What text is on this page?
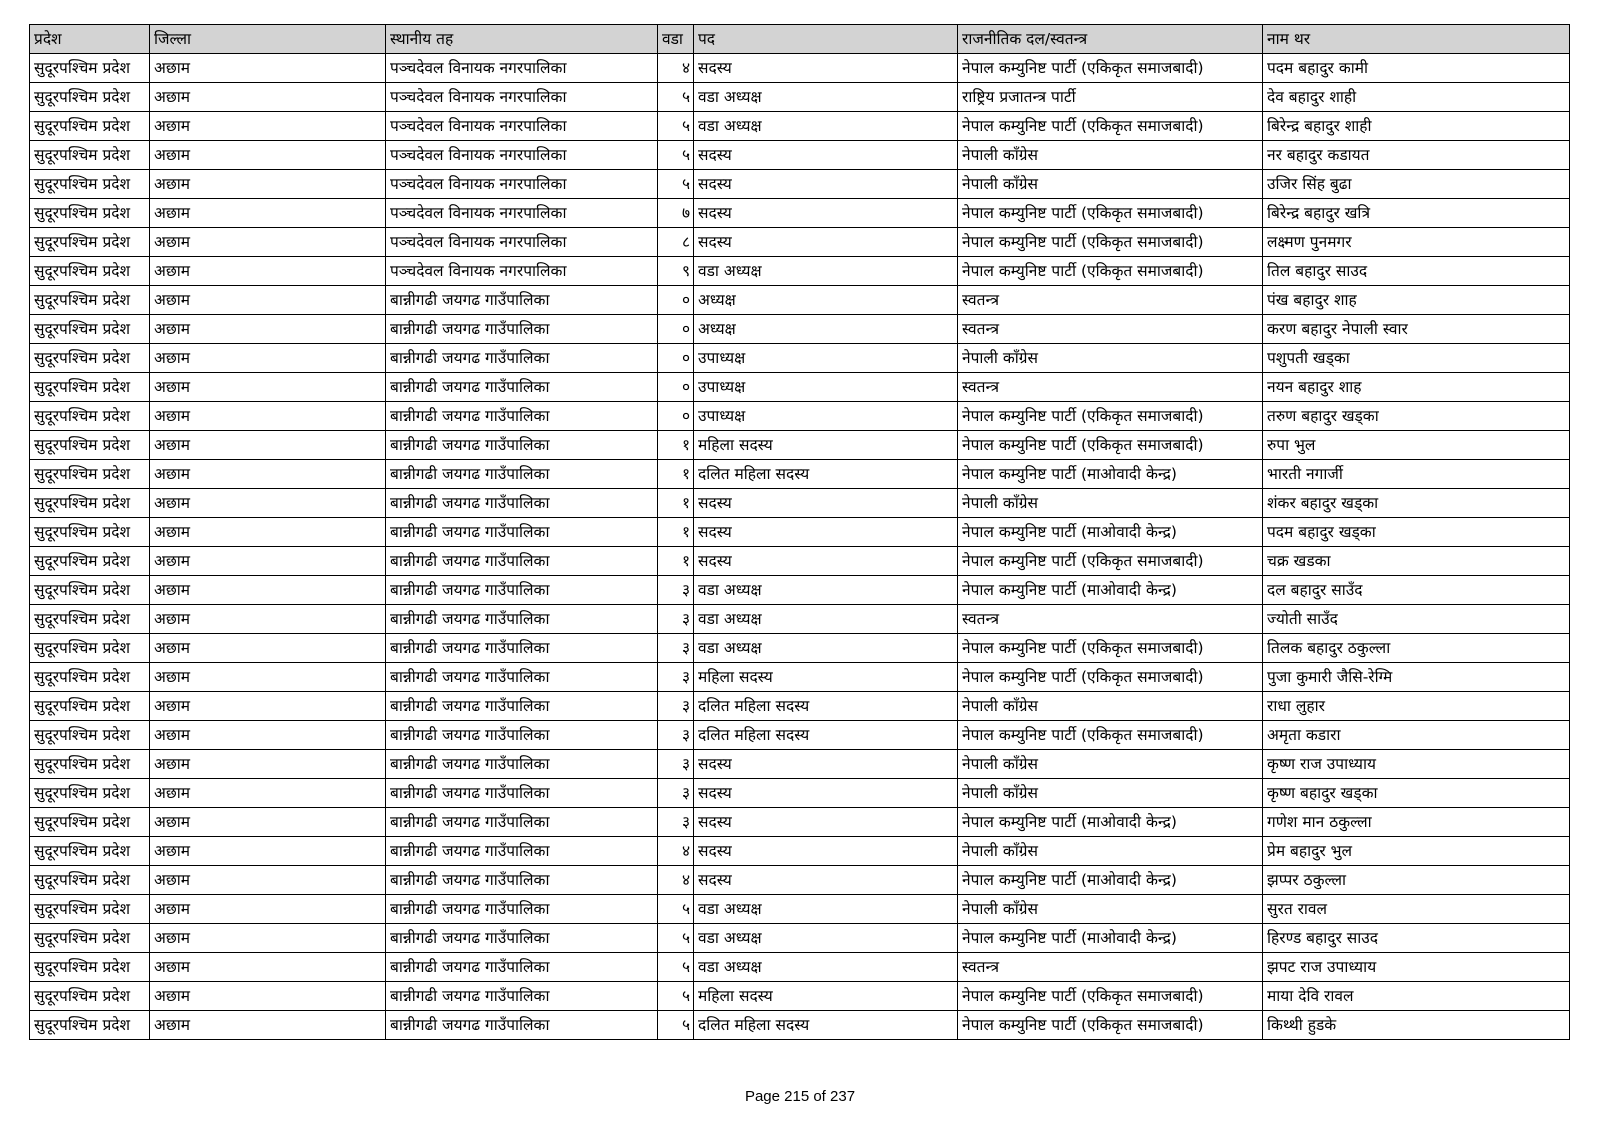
प्रदेश	जिल्ला	स्थानीय तह	वडा	पद	राजनीतिक दल/स्वतन्त्र	नाम थर
सुदूरपश्चिम प्रदेश	अछाम	पञ्चदेवल विनायक नगरपालिका	४	सदस्य	नेपाल कम्युनिष्ट पार्टी (एकिकृत समाजबादी)	पदम बहादुर कामी
सुदूरपश्चिम प्रदेश	अछाम	पञ्चदेवल विनायक नगरपालिका	५	वडा अध्यक्ष	राष्ट्रिय प्रजातन्त्र पार्टी	देव बहादुर शाही
सुदूरपश्चिम प्रदेश	अछाम	पञ्चदेवल विनायक नगरपालिका	५	वडा अध्यक्ष	नेपाल कम्युनिष्ट पार्टी (एकिकृत समाजबादी)	बिरेन्द्र बहादुर शाही
सुदूरपश्चिम प्रदेश	अछाम	पञ्चदेवल विनायक नगरपालिका	५	सदस्य	नेपाली काँग्रेस	नर बहादुर कडायत
सुदूरपश्चिम प्रदेश	अछाम	पञ्चदेवल विनायक नगरपालिका	५	सदस्य	नेपाली काँग्रेस	उजिर सिंह बुढा
सुदूरपश्चिम प्रदेश	अछाम	पञ्चदेवल विनायक नगरपालिका	७	सदस्य	नेपाल कम्युनिष्ट पार्टी (एकिकृत समाजबादी)	बिरेन्द्र बहादुर खत्रि
सुदूरपश्चिम प्रदेश	अछाम	पञ्चदेवल विनायक नगरपालिका	८	सदस्य	नेपाल कम्युनिष्ट पार्टी (एकिकृत समाजबादी)	लक्ष्मण पुनमगर
सुदूरपश्चिम प्रदेश	अछाम	पञ्चदेवल विनायक नगरपालिका	९	वडा अध्यक्ष	नेपाल कम्युनिष्ट पार्टी (एकिकृत समाजबादी)	तिल बहादुर साउद
सुदूरपश्चिम प्रदेश	अछाम	बान्नीगढी जयगढ गाउँपालिका	०	अध्यक्ष	स्वतन्त्र	पंख बहादुर शाह
सुदूरपश्चिम प्रदेश	अछाम	बान्नीगढी जयगढ गाउँपालिका	०	अध्यक्ष	स्वतन्त्र	करण बहादुर नेपाली स्वार
सुदूरपश्चिम प्रदेश	अछाम	बान्नीगढी जयगढ गाउँपालिका	०	उपाध्यक्ष	नेपाली काँग्रेस	पशुपती खड्का
सुदूरपश्चिम प्रदेश	अछाम	बान्नीगढी जयगढ गाउँपालिका	०	उपाध्यक्ष	स्वतन्त्र	नयन बहादुर शाह
सुदूरपश्चिम प्रदेश	अछाम	बान्नीगढी जयगढ गाउँपालिका	०	उपाध्यक्ष	नेपाल कम्युनिष्ट पार्टी (एकिकृत समाजबादी)	तरुण बहादुर खड्का
सुदूरपश्चिम प्रदेश	अछाम	बान्नीगढी जयगढ गाउँपालिका	१	महिला सदस्य	नेपाल कम्युनिष्ट पार्टी (एकिकृत समाजबादी)	रुपा भुल
सुदूरपश्चिम प्रदेश	अछाम	बान्नीगढी जयगढ गाउँपालिका	१	दलित महिला सदस्य	नेपाल कम्युनिष्ट पार्टी (माओवादी केन्द्र)	भारती नगार्जी
सुदूरपश्चिम प्रदेश	अछाम	बान्नीगढी जयगढ गाउँपालिका	१	सदस्य	नेपाली काँग्रेस	शंकर बहादुर खड्का
सुदूरपश्चिम प्रदेश	अछाम	बान्नीगढी जयगढ गाउँपालिका	१	सदस्य	नेपाल कम्युनिष्ट पार्टी (माओवादी केन्द्र)	पदम बहादुर खड्का
सुदूरपश्चिम प्रदेश	अछाम	बान्नीगढी जयगढ गाउँपालिका	१	सदस्य	नेपाल कम्युनिष्ट पार्टी (एकिकृत समाजबादी)	चक्र खडका
सुदूरपश्चिम प्रदेश	अछाम	बान्नीगढी जयगढ गाउँपालिका	३	वडा अध्यक्ष	नेपाल कम्युनिष्ट पार्टी (माओवादी केन्द्र)	दल बहादुर साउँद
सुदूरपश्चिम प्रदेश	अछाम	बान्नीगढी जयगढ गाउँपालिका	३	वडा अध्यक्ष	स्वतन्त्र	ज्योती साउँद
सुदूरपश्चिम प्रदेश	अछाम	बान्नीगढी जयगढ गाउँपालिका	३	वडा अध्यक्ष	नेपाल कम्युनिष्ट पार्टी (एकिकृत समाजबादी)	तिलक बहादुर ठकुल्ला
सुदूरपश्चिम प्रदेश	अछाम	बान्नीगढी जयगढ गाउँपालिका	३	महिला सदस्य	नेपाल कम्युनिष्ट पार्टी (एकिकृत समाजबादी)	पुजा कुमारी जैसि-रेग्मि
सुदूरपश्चिम प्रदेश	अछाम	बान्नीगढी जयगढ गाउँपालिका	३	दलित महिला सदस्य	नेपाली काँग्रेस	राधा लुहार
सुदूरपश्चिम प्रदेश	अछाम	बान्नीगढी जयगढ गाउँपालिका	३	दलित महिला सदस्य	नेपाल कम्युनिष्ट पार्टी (एकिकृत समाजबादी)	अमृता कडारा
सुदूरपश्चिम प्रदेश	अछाम	बान्नीगढी जयगढ गाउँपालिका	३	सदस्य	नेपाली काँग्रेस	कृष्ण राज उपाध्याय
सुदूरपश्चिम प्रदेश	अछाम	बान्नीगढी जयगढ गाउँपालिका	३	सदस्य	नेपाली काँग्रेस	कृष्ण बहादुर खड्का
सुदूरपश्चिम प्रदेश	अछाम	बान्नीगढी जयगढ गाउँपालिका	३	सदस्य	नेपाल कम्युनिष्ट पार्टी (माओवादी केन्द्र)	गणेश मान ठकुल्ला
सुदूरपश्चिम प्रदेश	अछाम	बान्नीगढी जयगढ गाउँपालिका	४	सदस्य	नेपाली काँग्रेस	प्रेम बहादुर भुल
सुदूरपश्चिम प्रदेश	अछाम	बान्नीगढी जयगढ गाउँपालिका	४	सदस्य	नेपाल कम्युनिष्ट पार्टी (माओवादी केन्द्र)	झप्पर ठकुल्ला
सुदूरपश्चिम प्रदेश	अछाम	बान्नीगढी जयगढ गाउँपालिका	५	वडा अध्यक्ष	नेपाली काँग्रेस	सुरत रावल
सुदूरपश्चिम प्रदेश	अछाम	बान्नीगढी जयगढ गाउँपालिका	५	वडा अध्यक्ष	नेपाल कम्युनिष्ट पार्टी (माओवादी केन्द्र)	हिरण्ड बहादुर साउद
सुदूरपश्चिम प्रदेश	अछाम	बान्नीगढी जयगढ गाउँपालिका	५	वडा अध्यक्ष	स्वतन्त्र	झपट राज उपाध्याय
सुदूरपश्चिम प्रदेश	अछाम	बान्नीगढी जयगढ गाउँपालिका	५	महिला सदस्य	नेपाल कम्युनिष्ट पार्टी (एकिकृत समाजबादी)	माया देवि रावल
सुदूरपश्चिम प्रदेश	अछाम	बान्नीगढी जयगढ गाउँपालिका	५	दलित महिला सदस्य	नेपाल कम्युनिष्ट पार्टी (एकिकृत समाजबादी)	किथ्थी हुडके
Page 215 of 237
